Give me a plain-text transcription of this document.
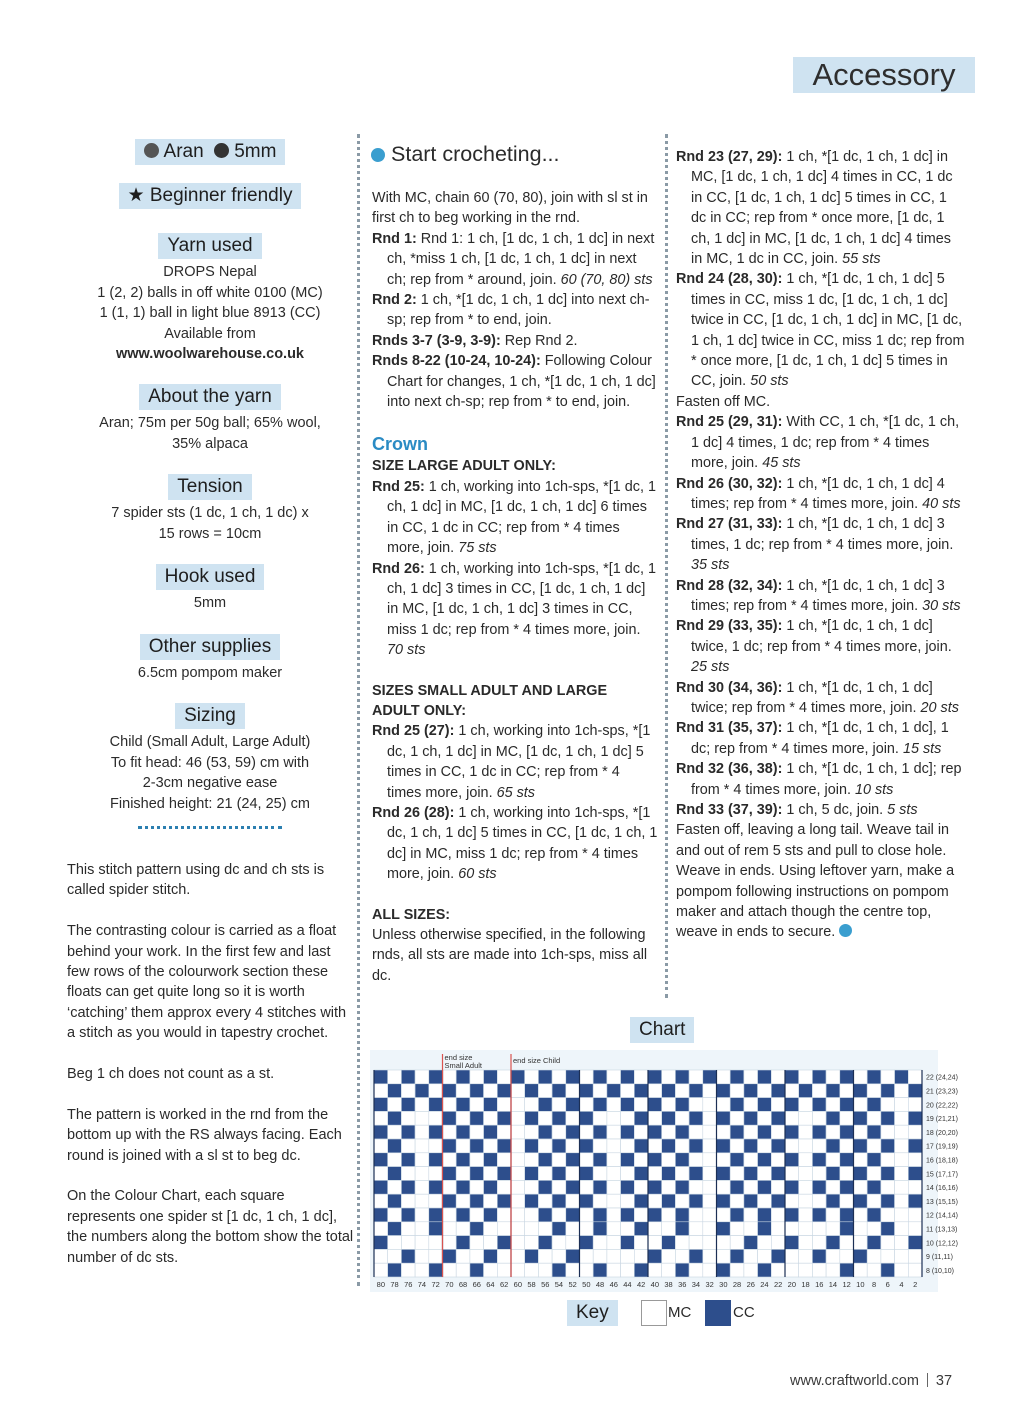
Accessory
Aran 5mm
★ Beginner friendly
Yarn used
DROPS Nepal
1 (2, 2) balls in off white 0100 (MC)
1 (1, 1) ball in light blue 8913 (CC)
Available from
www.woolwarehouse.co.uk
About the yarn
Aran; 75m per 50g ball; 65% wool,
35% alpaca
Tension
7 spider sts (1 dc, 1 ch, 1 dc) x
15 rows = 10cm
Hook used
5mm
Other supplies
6.5cm pompom maker
Sizing
Child (Small Adult, Large Adult)
To fit head: 46 (53, 59) cm with
2-3cm negative ease
Finished height: 21 (24, 25) cm

This stitch pattern using dc and ch sts is called spider stitch.

The contrasting colour is carried as a float behind your work. In the first few and last few rows of the colourwork section these floats can get quite long so it is worth ‘catching’ them approx every 4 stitches with a stitch as you would in tapestry crochet.

Beg 1 ch does not count as a st.

The pattern is worked in the rnd from the bottom up with the RS always facing. Each round is joined with a sl st to beg dc.

On the Colour Chart, each square represents one spider st [1 dc, 1 ch, 1 dc], the numbers along the bottom show the total number of dc sts.

Start crocheting...
With MC, chain 60 (70, 80), join with sl st in first ch to beg working in the rnd.
Rnd 1: Rnd 1: 1 ch, [1 dc, 1 ch, 1 dc] in next ch, *miss 1 ch, [1 dc, 1 ch, 1 dc] in next ch; rep from * around, join. 60 (70, 80) sts
Rnd 2: 1 ch, *[1 dc, 1 ch, 1 dc] into next ch-sp; rep from * to end, join.
Rnds 3-7 (3-9, 3-9): Rep Rnd 2.
Rnds 8-22 (10-24, 10-24): Following Colour Chart for changes, 1 ch, *[1 dc, 1 ch, 1 dc] into next ch-sp; rep from * to end, join.
Crown
SIZE LARGE ADULT ONLY:
Rnd 25: 1 ch, working into 1ch-sps, *[1 dc, 1 ch, 1 dc] in MC, [1 dc, 1 ch, 1 dc] 6 times in CC, 1 dc in CC; rep from * 4 times more, join. 75 sts
Rnd 26: 1 ch, working into 1ch-sps, *[1 dc, 1 ch, 1 dc] 3 times in CC, [1 dc, 1 ch, 1 dc] in MC, [1 dc, 1 ch, 1 dc] 3 times in CC, miss 1 dc; rep from * 4 times more, join. 70 sts
SIZES SMALL ADULT AND LARGE ADULT ONLY:
Rnd 25 (27): 1 ch, working into 1ch-sps, *[1 dc, 1 ch, 1 dc] in MC, [1 dc, 1 ch, 1 dc] 5 times in CC, 1 dc in CC; rep from * 4 times more, join. 65 sts
Rnd 26 (28): 1 ch, working into 1ch-sps, *[1 dc, 1 ch, 1 dc] 5 times in CC, [1 dc, 1 ch, 1 dc] in MC, miss 1 dc; rep from * 4 times more, join. 60 sts
ALL SIZES:
Unless otherwise specified, in the following rnds, all sts are made into 1ch-sps, miss all dc.
Rnd 23 (27, 29): 1 ch, *[1 dc, 1 ch, 1 dc] in MC, [1 dc, 1 ch, 1 dc] 4 times in CC, 1 dc in CC, [1 dc, 1 ch, 1 dc] 5 times in CC, 1 dc in CC; rep from * once more, [1 dc, 1 ch, 1 dc] in MC, [1 dc, 1 ch, 1 dc] 4 times in MC, 1 dc in CC, join. 55 sts
Rnd 24 (28, 30): 1 ch, *[1 dc, 1 ch, 1 dc] 5 times in CC, miss 1 dc, [1 dc, 1 ch, 1 dc] twice in CC, [1 dc, 1 ch, 1 dc] in MC, [1 dc, 1 ch, 1 dc] twice in CC, miss 1 dc; rep from * once more, [1 dc, 1 ch, 1 dc] 5 times in CC, join. 50 sts
Fasten off MC.
Rnd 25 (29, 31): With CC, 1 ch, *[1 dc, 1 ch, 1 dc] 4 times, 1 dc; rep from * 4 times more, join. 45 sts
Rnd 26 (30, 32): 1 ch, *[1 dc, 1 ch, 1 dc] 4 times; rep from * 4 times more, join. 40 sts
Rnd 27 (31, 33): 1 ch, *[1 dc, 1 ch, 1 dc] 3 times, 1 dc; rep from * 4 times more, join. 35 sts
Rnd 28 (32, 34): 1 ch, *[1 dc, 1 ch, 1 dc] 3 times; rep from * 4 times more, join. 30 sts
Rnd 29 (33, 35): 1 ch, *[1 dc, 1 ch, 1 dc] twice, 1 dc; rep from * 4 times more, join. 25 sts
Rnd 30 (34, 36): 1 ch, *[1 dc, 1 ch, 1 dc] twice; rep from * 4 times more, join. 20 sts
Rnd 31 (35, 37): 1 ch, *[1 dc, 1 ch, 1 dc], 1 dc; rep from * 4 times more, join. 15 sts
Rnd 32 (36, 38): 1 ch, *[1 dc, 1 ch, 1 dc]; rep from * 4 times more, join. 10 sts
Rnd 33 (37, 39): 1 ch, 5 dc, join. 5 sts
Fasten off, leaving a long tail. Weave tail in and out of rem 5 sts and pull to close hole. Weave in ends. Using leftover yarn, make a pompom following instructions on pompom maker and attach though the centre top, weave in ends to secure.
Chart
end size
Small Adult
end size Child
80 78 76 74 72 70 68 66 64 62 60 58 56 54 52 50 48 46 44 42 40 38 36 34 32 30 28 26 24 22 20 18 16 14 12 10 8 6 4 2
22 (24,24)
21 (23,23)
20 (22,22)
19 (21,21)
18 (20,20)
17 (19,19)
16 (18,18)
15 (17,17)
14 (16,16)
13 (15,15)
12 (14,14)
11 (13,13)
10 (12,12)
9 (11,11)
8 (10,10)
Key	MC	CC
www.craftworld.com 37
